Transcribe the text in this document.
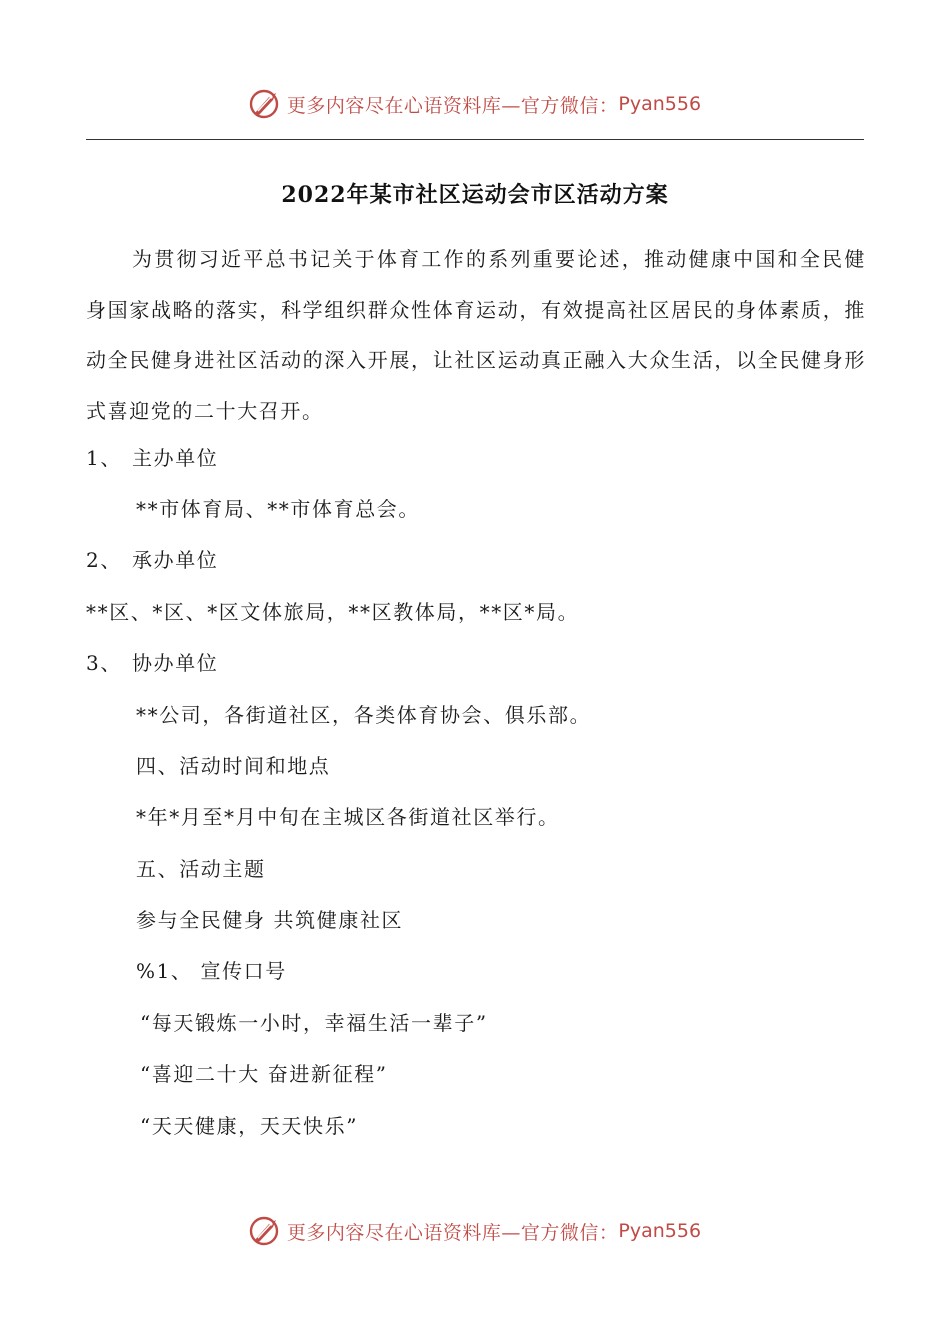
更多内容尽在心语资料库—官方微信： Pyan556
2022年某市社区运动会市区活动方案

为贯彻习近平总书记关于体育工作的系列重要论述，推动健康中国和全民健身国家战略的落实，科学组织群众性体育运动，有效提高社区居民的身体素质，推动全民健身进社区活动的深入开展，让社区运动真正融入大众生活，以全民健身形式喜迎党的二十大召开。

1、 主办单位
**市体育局、**市体育总会。
2、 承办单位
**区、*区、*区文体旅局，**区教体局，**区*局。
3、 协办单位
**公司，各街道社区，各类体育协会、俱乐部。
四、活动时间和地点
*年*月至*月中旬在主城区各街道社区举行。
五、活动主题
参与全民健身 共筑健康社区
%1、 宣传口号
“每天锻炼一小时，幸福生活一辈子”
“喜迎二十大 奋进新征程”
“天天健康，天天快乐”
更多内容尽在心语资料库—官方微信： Pyan556
